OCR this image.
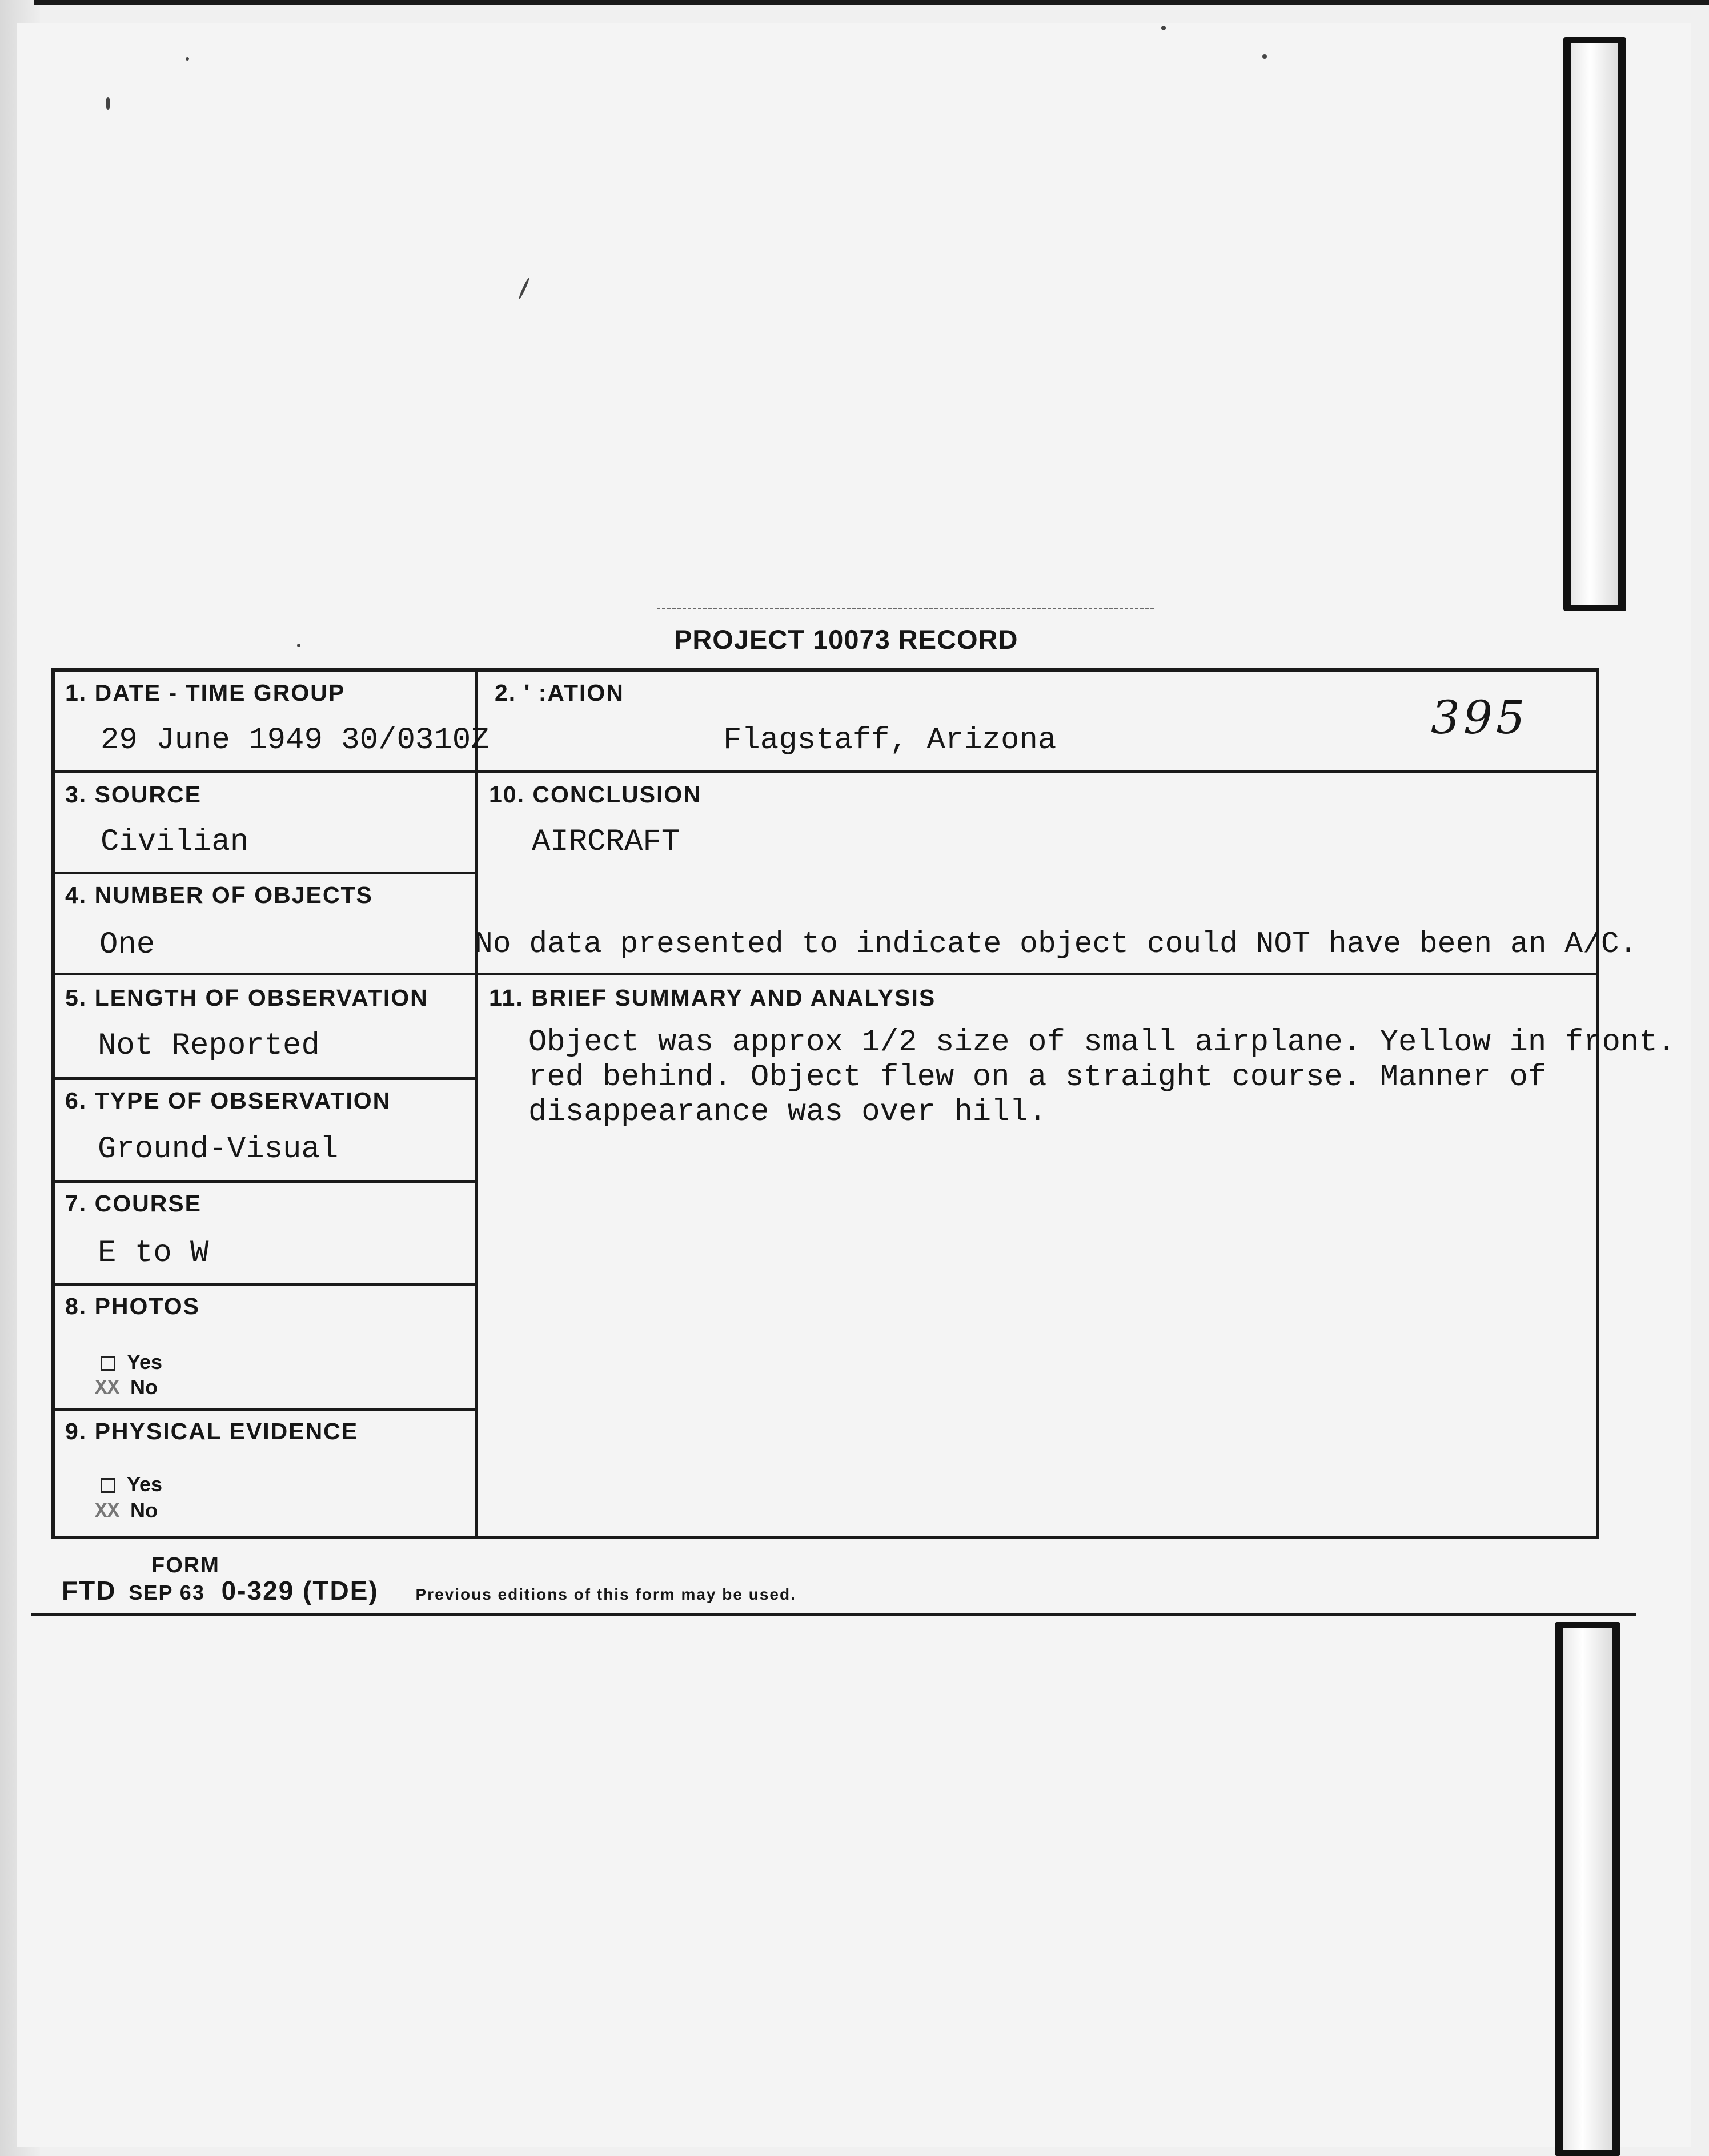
PROJECT 10073 RECORD
1. DATE - TIME GROUP
29 June 1949 30/0310Z
2. ' :ATION
Flagstaff, Arizona
3. SOURCE
Civilian
4. NUMBER OF OBJECTS
One
5. LENGTH OF OBSERVATION
Not Reported
6. TYPE OF OBSERVATION
Ground-Visual
7. COURSE
E to W
8. PHOTOS
Yes
XX No
9. PHYSICAL EVIDENCE
Yes
XX No
10. CONCLUSION
AIRCRAFT
No data presented to indicate object could NOT have been an A/C.
11. BRIEF SUMMARY AND ANALYSIS
Object was approx 1/2 size of small airplane. Yellow in front.
red behind. Object flew on a straight course. Manner of
disappearance was over hill.
395
FORM
FTD SEP 63 0-329 (TDE) Previous editions of this form may be used.
